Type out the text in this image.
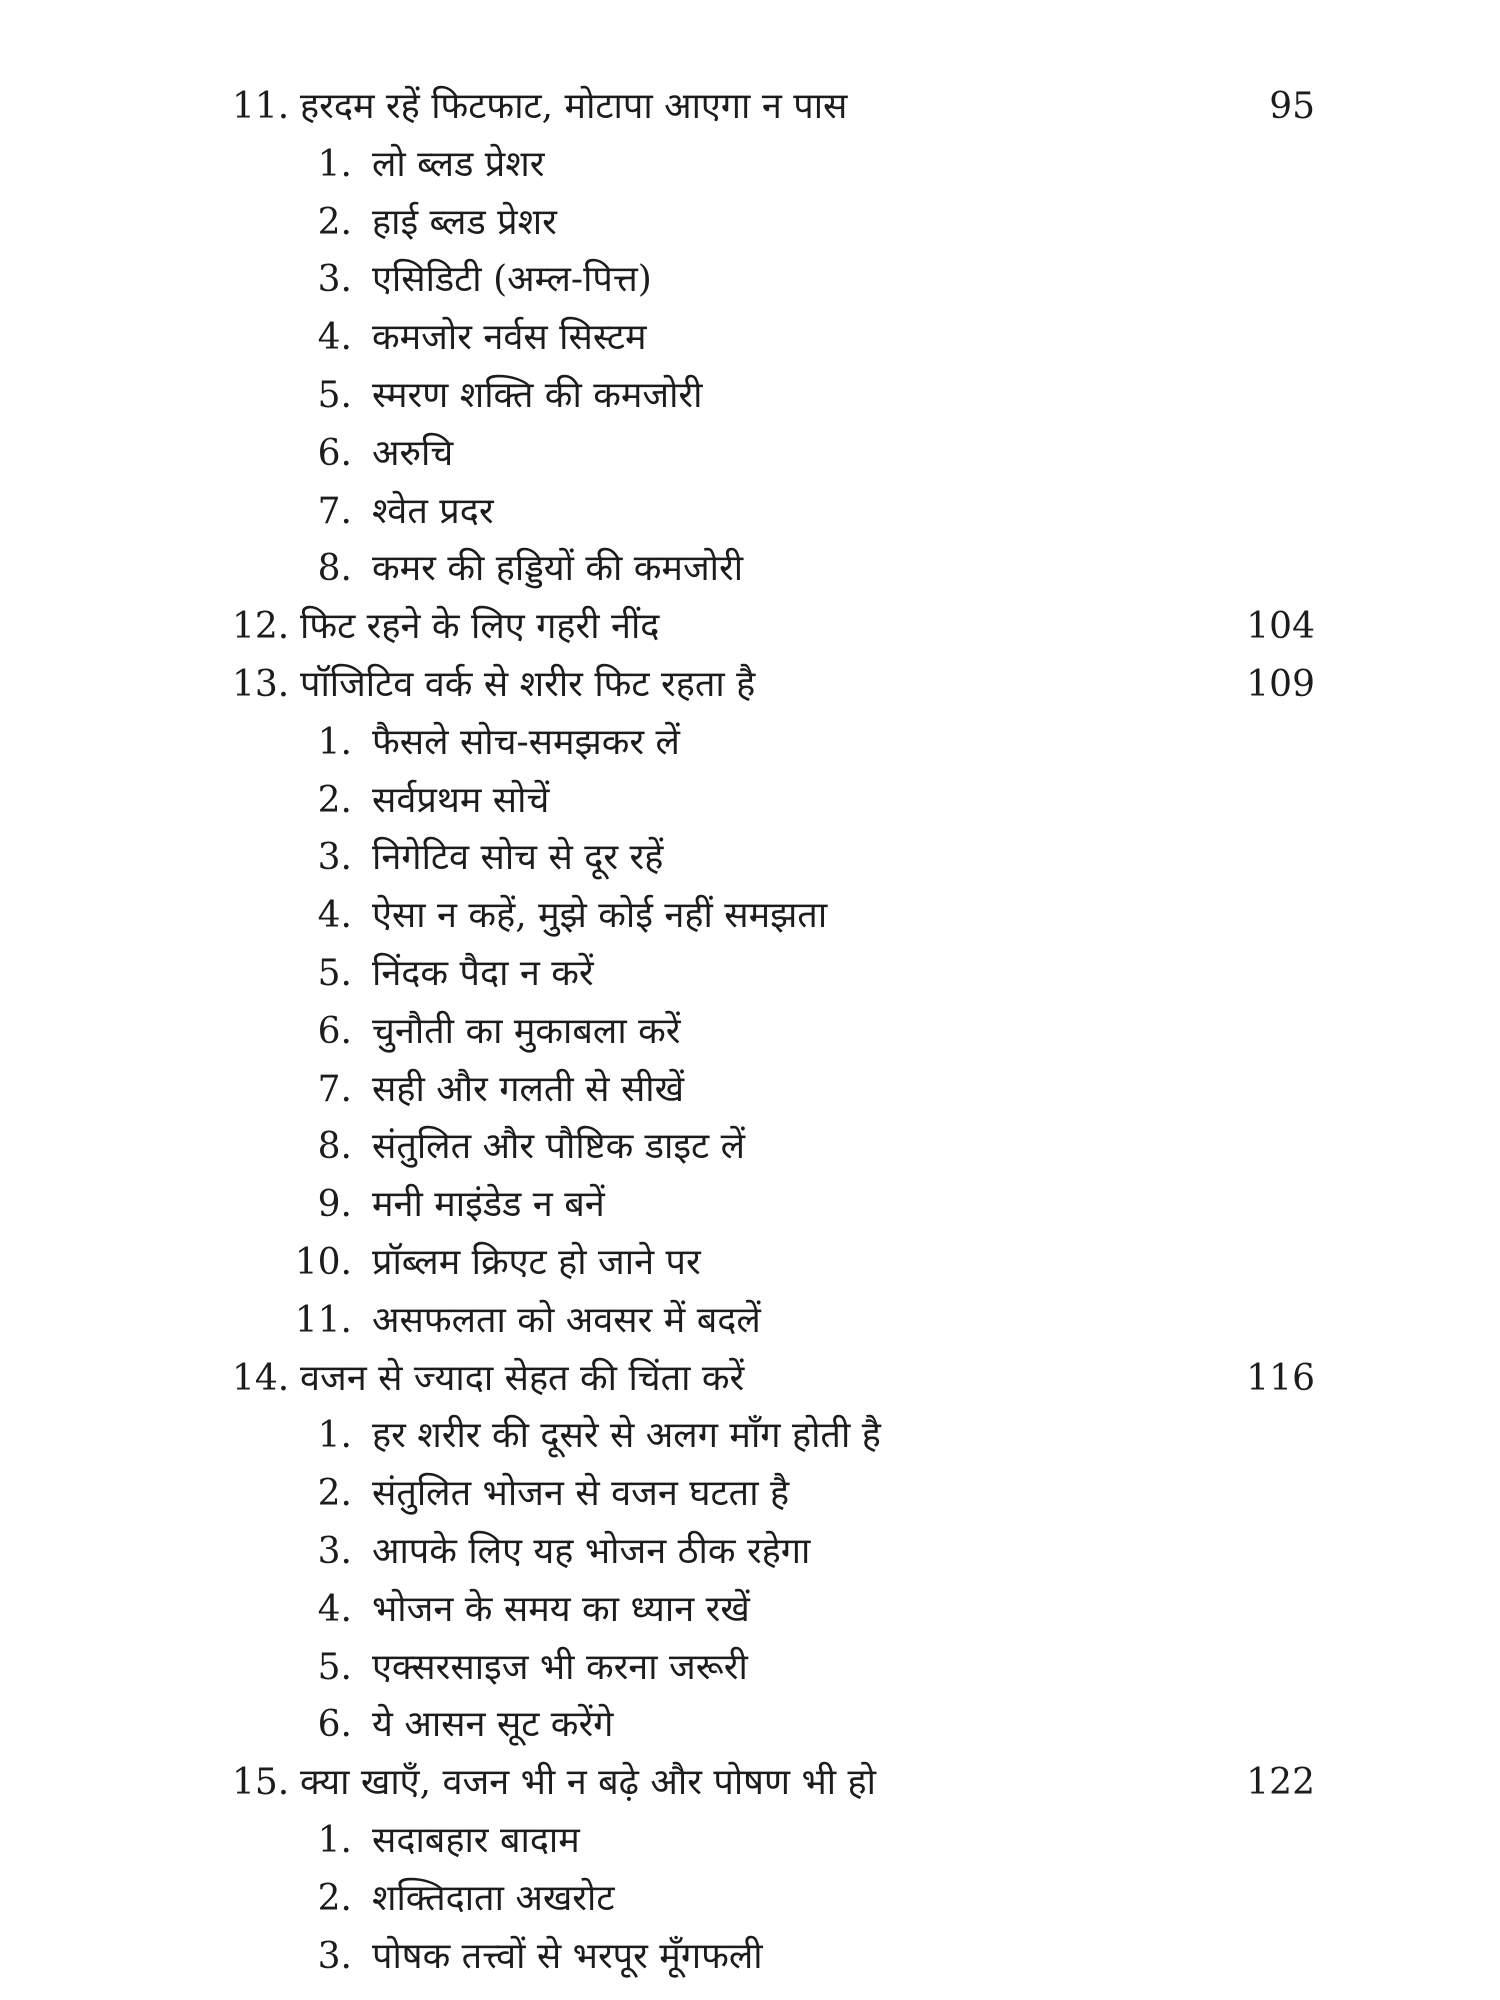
11. हरदम रहें फिटफाट, मोटापा आएगा न पास	95
1. लो ब्लड प्रेशर
2. हाई ब्लड प्रेशर
3. एसिडिटी (अम्ल-पित्त)
4. कमजोर नर्वस सिस्टम
5. स्मरण शक्ति की कमजोरी
6. अरुचि
7. श्वेत प्रदर
8. कमर की हड्डियों की कमजोरी
12. फिट रहने के लिए गहरी नींद	104
13. पॉजिटिव वर्क से शरीर फिट रहता है	109
1. फैसले सोच-समझकर लें
2. सर्वप्रथम सोचें
3. निगेटिव सोच से दूर रहें
4. ऐसा न कहें, मुझे कोई नहीं समझता
5. निंदक पैदा न करें
6. चुनौती का मुकाबला करें
7. सही और गलती से सीखें
8. संतुलित और पौष्टिक डाइट लें
9. मनी माइंडेड न बनें
10. प्रॉब्लम क्रिएट हो जाने पर
11. असफलता को अवसर में बदलें
14. वजन से ज्यादा सेहत की चिंता करें	116
1. हर शरीर की दूसरे से अलग माँग होती है
2. संतुलित भोजन से वजन घटता है
3. आपके लिए यह भोजन ठीक रहेगा
4. भोजन के समय का ध्यान रखें
5. एक्सरसाइज भी करना जरूरी
6. ये आसन सूट करेंगे
15. क्या खाएँ, वजन भी न बढ़े और पोषण भी हो	122
1. सदाबहार बादाम
2. शक्तिदाता अखरोट
3. पोषक तत्त्वों से भरपूर मूँगफली
